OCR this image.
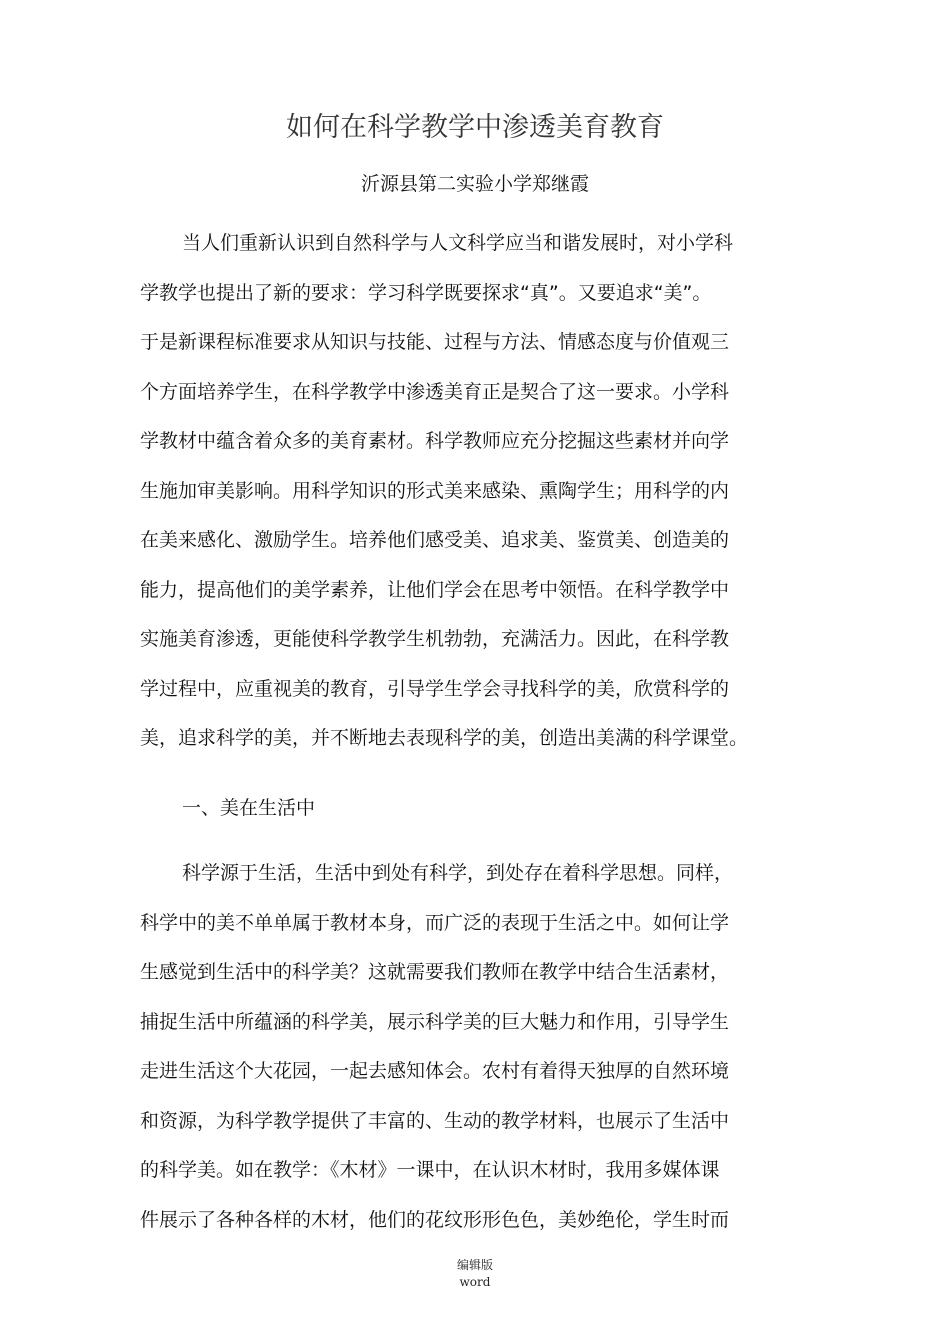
如何在科学教学中渗透美育教育
沂源县第二实验小学郑继霞
当人们重新认识到自然科学与人文科学应当和谐发展时，对小学科
学教学也提出了新的要求：学习科学既要探求“真”。又要追求“美”。
于是新课程标准要求从知识与技能、过程与方法、情感态度与价值观三
个方面培养学生，在科学教学中渗透美育正是契合了这一要求。小学科
学教材中蕴含着众多的美育素材。科学教师应充分挖掘这些素材并向学
生施加审美影响。用科学知识的形式美来感染、熏陶学生；用科学的内
在美来感化、激励学生。培养他们感受美、追求美、鉴赏美、创造美的
能力，提高他们的美学素养，让他们学会在思考中领悟。在科学教学中
实施美育渗透，更能使科学教学生机勃勃，充满活力。因此，在科学教
学过程中，应重视美的教育，引导学生学会寻找科学的美，欣赏科学的
美，追求科学的美，并不断地去表现科学的美，创造出美满的科学课堂。
一、美在生活中
科学源于生活，生活中到处有科学，到处存在着科学思想。同样，
科学中的美不单单属于教材本身，而广泛的表现于生活之中。如何让学
生感觉到生活中的科学美？这就需要我们教师在教学中结合生活素材，
捕捉生活中所蕴涵的科学美，展示科学美的巨大魅力和作用，引导学生
走进生活这个大花园，一起去感知体会。农村有着得天独厚的自然环境
和资源，为科学教学提供了丰富的、生动的教学材料，也展示了生活中
的科学美。如在教学：《木材》一课中，在认识木材时，我用多媒体课
件展示了各种各样的木材，他们的花纹形形色色，美妙绝伦，学生时而
编辑版
word
